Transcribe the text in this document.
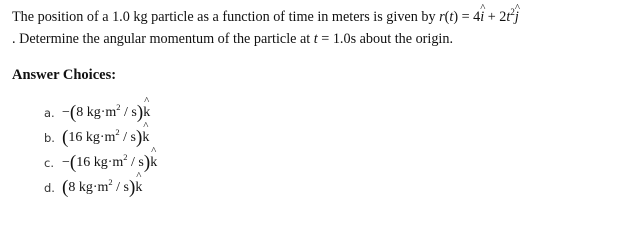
The position of a 1.0 kg particle as a function of time in meters is given by r(t) = 4i ^ + $2t^2j$ ^
. Determine the angular momentum of the particle at t = 1.0s about the origin.
Answer Choices:
a. −(8 $kg\cdot m^2 / s)k$ ^
b. (16 $kg\cdot m^2 / s)k$ ^
c. −(16 $kg\cdot m^2 / s)k$ ^
d. (8 $kg\cdot m^2 / s)k$ ^
